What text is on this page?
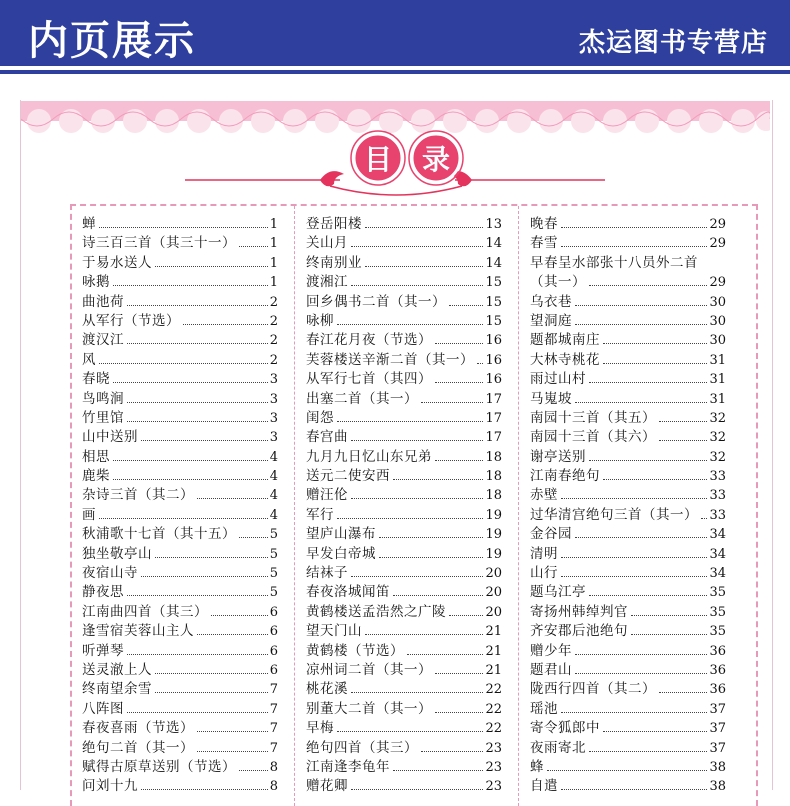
内页展示	杰运图书专营店
目 录
蝉	1
诗三百三首（其三十一）	1
于易水送人	1
咏鹅	1
曲池荷	2
从军行（节选）	2
渡汉江	2
风	2
春晓	3
鸟鸣涧	3
竹里馆	3
山中送别	3
相思	4
鹿柴	4
杂诗三首（其二）	4
画	4
秋浦歌十七首（其十五）	5
独坐敬亭山	5
夜宿山寺	5
静夜思	5
江南曲四首（其三）	6
逢雪宿芙蓉山主人	6
听弹琴	6
送灵澈上人	6
终南望余雪	7
八阵图	7
春夜喜雨（节选）	7
绝句二首（其一）	7
赋得古原草送别（节选）	8
问刘十九	8
登岳阳楼	13
关山月	14
终南别业	14
渡湘江	15
回乡偶书二首（其一）	15
咏柳	15
春江花月夜（节选）	16
芙蓉楼送辛渐二首（其一） 16
从军行七首（其四）	16
出塞二首（其一）	17
闺怨	17
春宫曲	17
九月九日忆山东兄弟	18
送元二使安西	18
赠汪伦	18
军行	19
望庐山瀑布	19
早发白帝城	19
结袜子	20
春夜洛城闻笛	20
黄鹤楼送孟浩然之广陵	20
望天门山	21
黄鹤楼（节选）	21
凉州词二首（其一）	21
桃花溪	22
别董大二首（其一）	22
早梅	22
绝句四首（其三）	23
江南逢李龟年	23
赠花卿	23
晚春	29
春雪	29
早春呈水部张十八员外二首
（其一）	29
乌衣巷	30
望洞庭	30
题都城南庄	30
大林寺桃花	31
雨过山村	31
马嵬坡	31
南园十三首（其五）	32
南园十三首（其六）	32
谢亭送别	32
江南春绝句	33
赤壁	33
过华清宫绝句三首（其一） 33
金谷园	34
清明	34
山行	34
题乌江亭	35
寄扬州韩绰判官	35
齐安郡后池绝句	35
赠少年	36
题君山	36
陇西行四首（其二）	36
瑶池	37
寄令狐郎中	37
夜雨寄北	37
蜂	38
自遣	38
